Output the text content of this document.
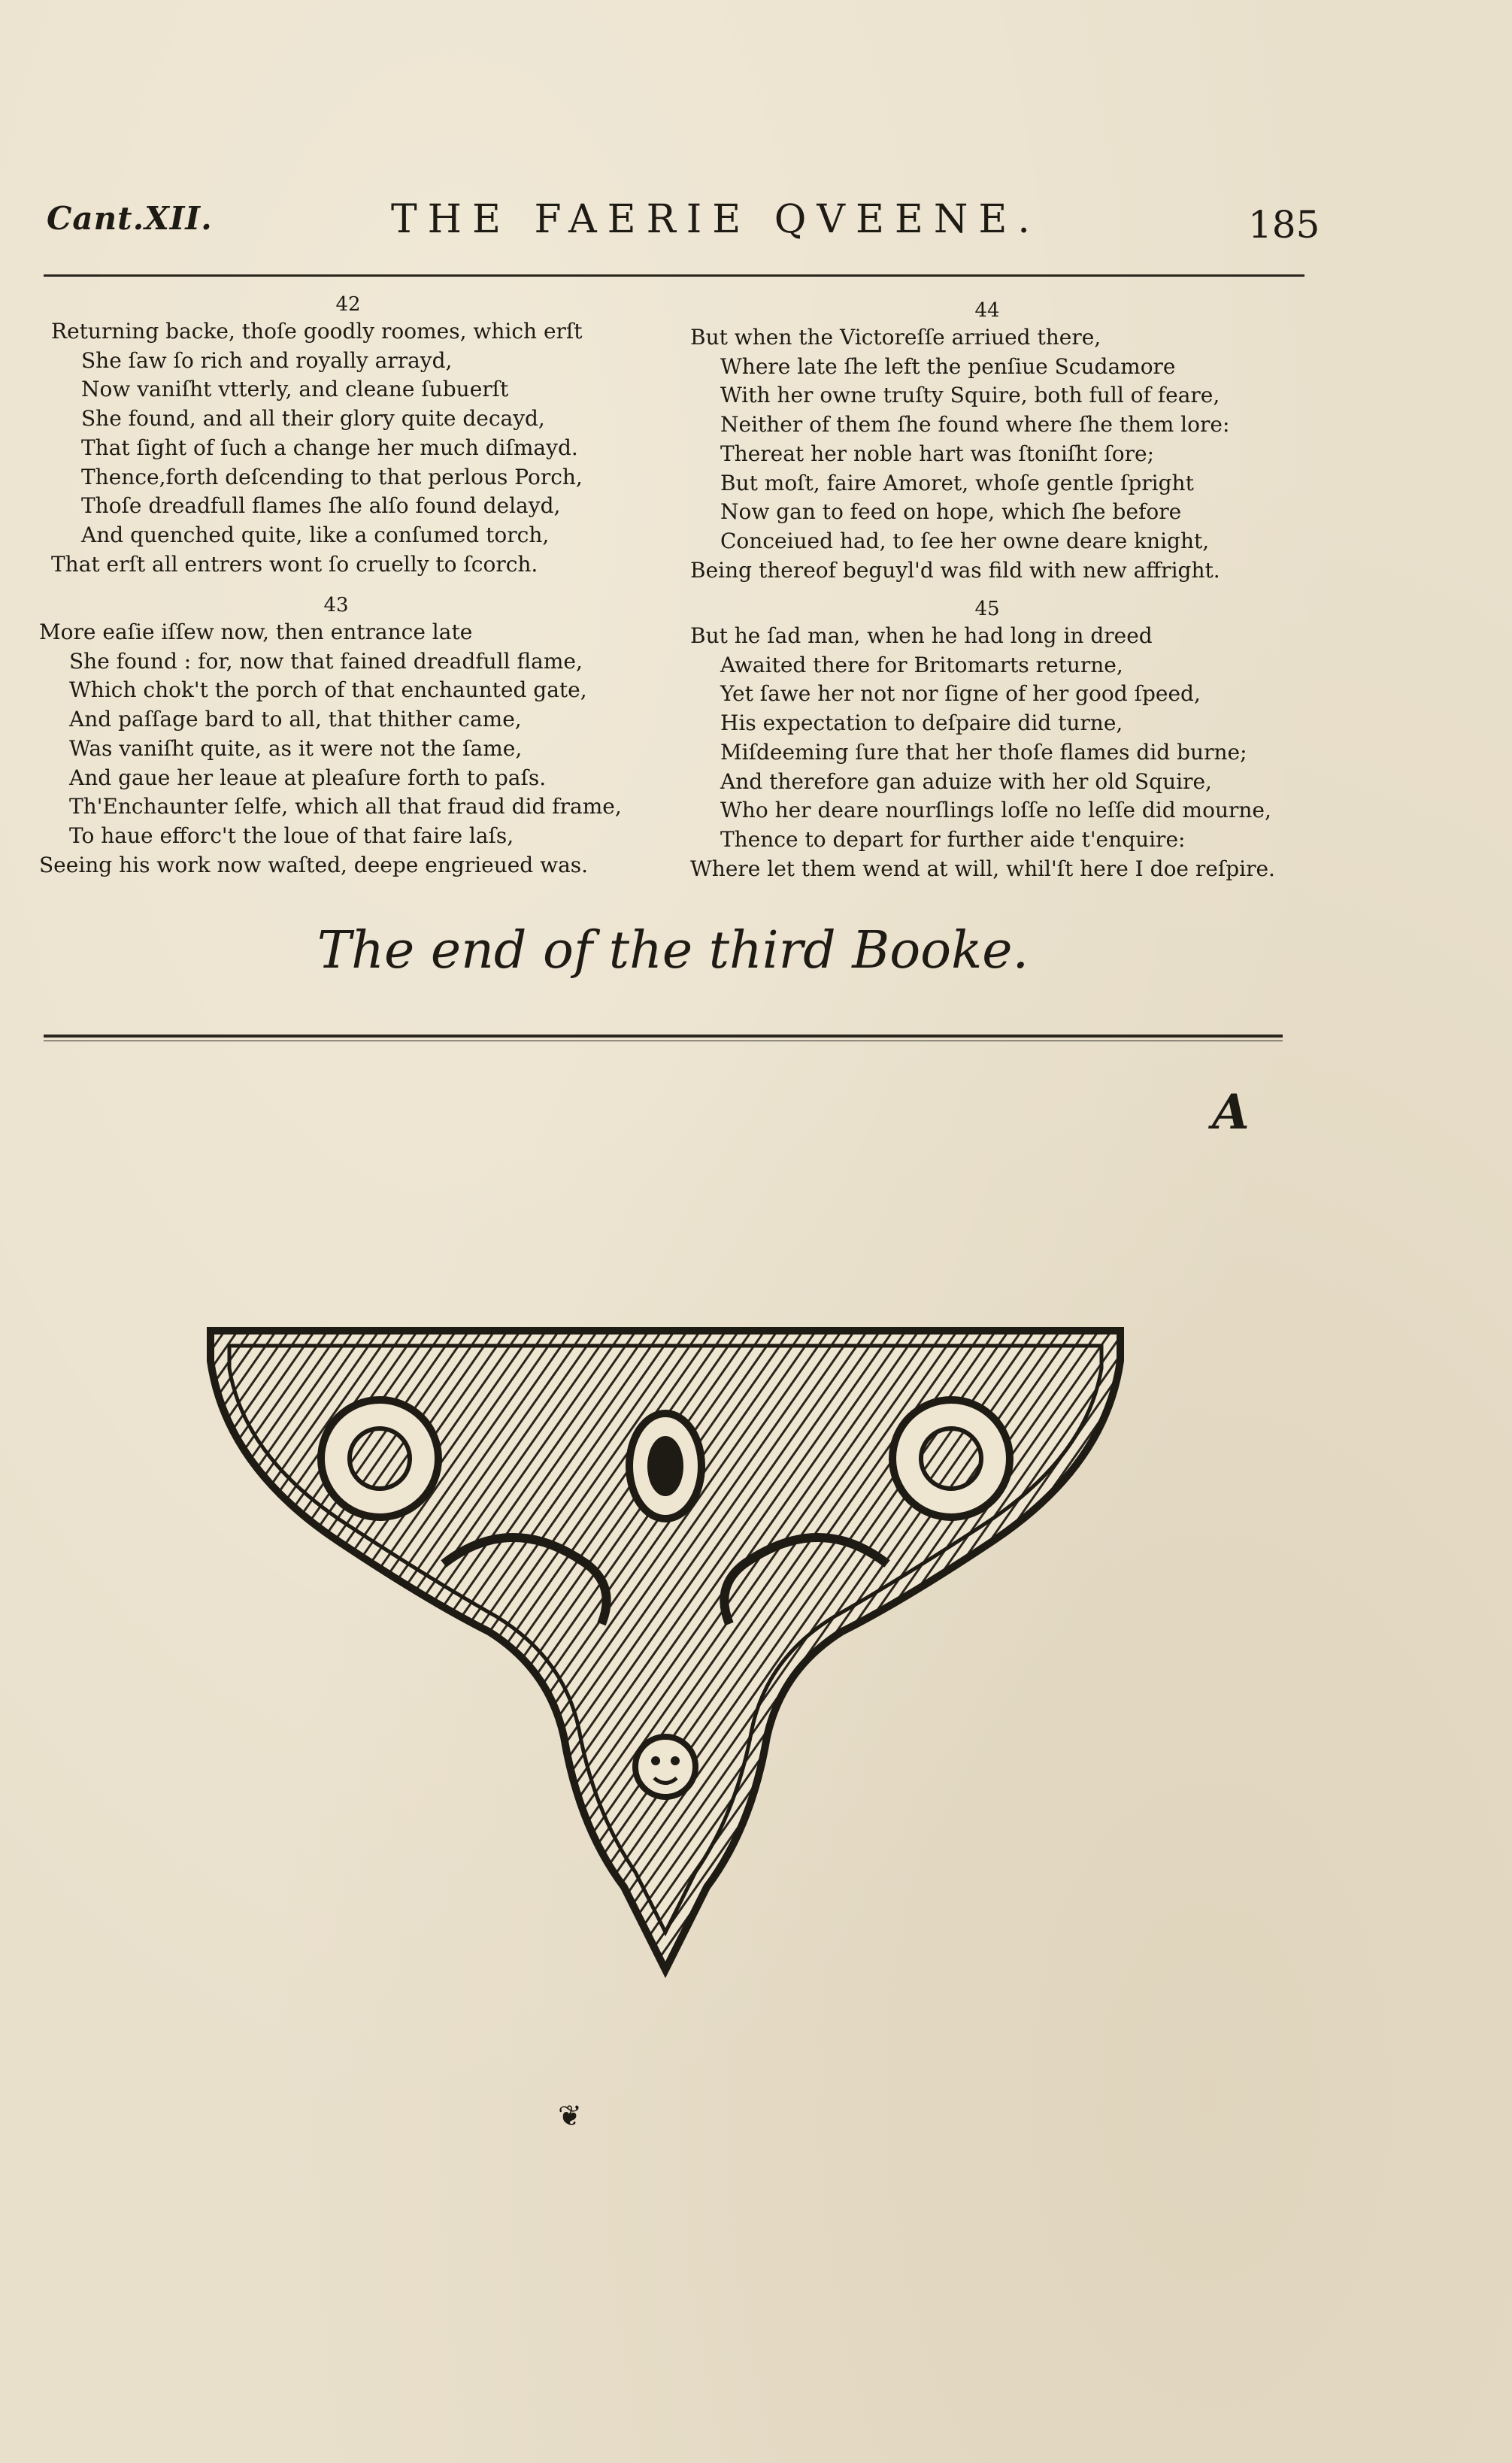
Cant.XII.	THE FAERIE QVEENE.	185
42
Returning backe, thoſe goodly roomes, which erſt
She ſaw ſo rich and royally arrayd,
Now vaniſht vtterly, and cleane ſubuerſt
She found, and all their glory quite decayd,
That ſight of ſuch a change her much diſmayd.
Thence,forth deſcending to that perlous Porch,
Thoſe dreadfull flames ſhe alſo found delayd,
And quenched quite, like a conſumed torch,
That erſt all entrers wont ſo cruelly to ſcorch.
43
More eaſie iſſew now, then entrance late
She found : for, now that fained dreadfull flame,
Which chok't the porch of that enchaunted gate,
And paſſage bard to all, that thither came,
Was vaniſht quite, as it were not the ſame,
And gaue her leaue at pleaſure forth to paſs.
Th'Enchaunter ſelfe, which all that fraud did frame,
To haue efforc't the loue of that faire laſs,
Seeing his work now waſted, deepe engrieued was.
44
But when the Victoreſſe arriued there,
Where late ſhe left the penſiue Scudamore
With her owne truſty Squire, both full of feare,
Neither of them ſhe found where ſhe them lore:
Thereat her noble hart was ſtoniſht ſore;
But moſt, faire Amoret, whoſe gentle ſpright
Now gan to feed on hope, which ſhe before
Conceiued had, to ſee her owne deare knight,
Being thereof beguyl'd was fild with new affright.
45
But he ſad man, when he had long in dreed
Awaited there for Britomarts returne,
Yet ſawe her not nor ſigne of her good ſpeed,
His expectation to deſpaire did turne,
Miſdeeming ſure that her thoſe flames did burne;
And therefore gan aduize with her old Squire,
Who her deare nourſlings loſſe no leſſe did mourne,
Thence to depart for further aide t'enquire:
Where let them wend at will, whil'ſt here I doe reſpire.
The end of the third Booke.
A
❦
